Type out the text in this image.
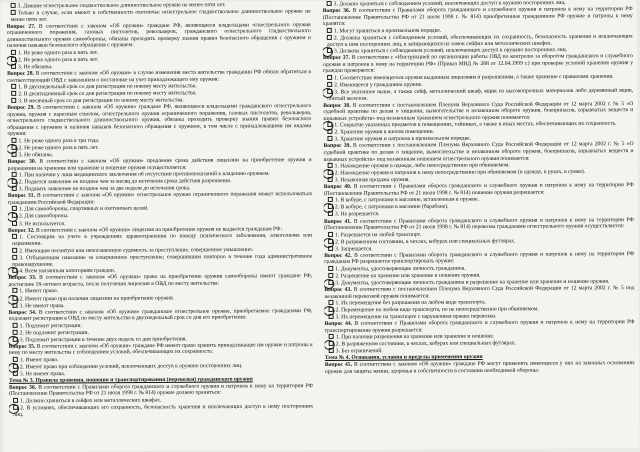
3. Давшие огнестрельное гладкоствольное длинноствольное оружие не менее пяти лет.

Только в случае, если имеют в собственности охотничье огнестрельное гладкоствольное длинноствольное оружие не менее пяти лет.

Вопрос 27. В соответствии с законом «Об оружии» граждане РФ, являющиеся владельцами огнестрельного оружия ограниченного поражения, газовых пистолетов, револьверов, гражданского огнестрельного гладкоствольного длинноствольного оружия самообороны, обязаны проходить проверку знания правил безопасного обращения с оружием и наличия навыков безопасного обращения с оружием:

1. Не реже одного раза в пять лет.

2. Не реже одного раза в пять лет.

3. Не обязаны.

Вопрос 28. В соответствии с законом «Об оружии» в случае изменения места жительства гражданин РФ обязан обратиться в соответствующий ОВД с заявлением о постановке на учет принадлежащего ему оружия:

1. В двухнедельный срок со дня регистрации по новому месту жительства.

2. В десятидневный срок со дня регистрации по новому месту жительства.

3. В месячный срок со дня регистрации по новому месту жительства.

Вопрос 29. В соответствии с законом «Об оружии» граждане РФ, являющиеся владельцами гражданского огнестрельного оружия, оружия с нарезным стволом, огнестрельного оружия ограниченного поражения, газовых пистолетов, револьверов, огнестрельного гладкоствольного длинноствольного оружия, обязаны проходить проверку знания правил безопасного обращения с оружием и наличия навыков безопасного обращения с оружием, в том числе с принадлежащими им видами оружия:

1. Не реже одного раза в три года.

2. Не реже одного раза в пять лет.

3. Не обязаны.

Вопрос 30. В соответствии с законом «Об оружии» продление срока действия лицензии на приобретение оружия и разрешения на хранение или хранение и ношение оружия осуществляется:

1. При наличии у лица медицинского заключения об отсутствии противопоказаний к владению оружием.

2. Подается заявление не позднее чем за месяц до истечения срока действия разрешения.

3. Подавать заявление не позднее чем за две недели до истечения срока.

Вопрос 31. В соответствии с законом «Об оружии» огнестрельное оружие ограниченного поражения может использоваться гражданами Российской Федерации:

1. Для самообороны, спортивных и охотничьих целей.

2. Для самообороны.

3. Не используется.

Вопрос 32. В соответствии с законом «Об оружии» лицензия на приобретение оружия не выдается гражданам РФ:

1. Состоящим на учете в учреждениях здравоохранения по поводу психического заболевания, алкоголизма или наркомании.

2. Имеющим неснятую или непогашенную судимость за преступление, совершенное умышленно.

3. Отбывающим наказание за совершенное преступление; совершившим повторно в течение года административное правонарушение.

4. Всем указанным категориям граждан.

Вопрос 33. В соответствии с законом «Об оружии» право на приобретение оружия самообороны имеют граждане РФ, достигшие 18-летнего возраста, после получения лицензии в ОВД по месту жительства:

1. Имеют право.

2. Имеют право при наличии лицензии на приобретение оружия.

3. Не имеют права.

Вопрос 34. В соответствии с законом «Об оружии» гражданское огнестрельное оружие, приобретаемое гражданами РФ, подлежит регистрации в ОВД по месту жительства в двухнедельный срок со дня его приобретения:

1. Подлежит регистрации.

2. Не подлежит регистрации.

3. Подлежит регистрации в течение двух недель со дня приобретения.

Вопрос 35. В соответствии с законом «Об оружии» граждане РФ имеют право хранить принадлежащее им оружие и патроны к нему по месту жительства с соблюдением условий, обеспечивающих их сохранность:

1. Имеют право.

2. Имеют право при соблюдении условий, исключающих доступ к оружию посторонних лиц.

3. Не имеют права.

Тема № 3. Правила хранения, ношения и транспортирования (перевозки) гражданского оружия

Вопрос 36. В соответствии с Правилами оборота гражданского и служебного оружия и патронов к нему на территории РФ (Постановление Правительства РФ от 21 июля 1998 г. № 814) оружие должно храниться:

1. Должно храниться в сейфах или металлических шкафах.

2. В условиях, обеспечивающих его сохранность, безопасность хранения и исключающих доступ к нему посторонних лиц.

3. Должно храниться с соблюдением условий, исключающих доступ к оружию посторонних лиц.

Вопрос 36. В соответствии с Правилами оборота гражданского и служебного оружия и патронов к нему на территории РФ (Постановление Правительства РФ от 21 июля 1998 г. № 814) приобретенные гражданином РФ оружие и патроны к нему хранятся:

1. Могут храниться в произвольном порядке.

2. Должны храниться с соблюдением условий, обеспечивающих их сохранность, безопасность хранения и исключающих доступ к ним посторонних лиц, в запирающихся на замок сейфах или металлических шкафах.

3. Должны храниться с соблюдением условий, исключающих доступ к оружию посторонних лиц.

Вопрос 37. В соответствии с «Инструкцией по организации работы ОВД по контролю за оборотом гражданского и служебного оружия и патронов к нему на территории РФ» (Приказ МВД № 288 от 12.04.1999 г.) при проверке условий хранения оружия у граждан проверяется:

1. Соответствие имеющегося оружия выданным лицензиям и разрешениям, а также хранение с правилами хранения.

2. Имеющееся у гражданина оружие.

3. Все указанное выше, а также сейф, металлический шкаф, ящик из высокопрочных материалов либо деревянный ящик, обитый железом.

Вопрос 38. В соответствии с постановлением Пленума Верховного Суда Российской Федерации от 12 марта 2002 г. № 5 «О судебной практике по делам о хищении, вымогательстве и незаконном обороте оружия, боеприпасов, взрывчатых веществ и взрывных устройств» под незаконным хранением огнестрельного оружия понимается:

1. Сокрытие указанных предметов в помещениях, тайниках, а также в иных местах, обеспечивающих их сохранность.

2. Хранение оружия в жилом помещении.

3. Хранение оружия и патронов в произвольном порядке.

Вопрос 39. В соответствии с постановлением Пленума Верховного Суда Российской Федерации от 12 марта 2002 г. № 5 «О судебной практике по делам о хищении, вымогательстве и незаконном обороте оружия, боеприпасов, взрывчатых веществ и взрывных устройств» под незаконным ношением огнестрельного оружия понимается:

1. Нахождение оружия в одежде, либо непосредственно при обвиняемом.

2. Нахождение оружия и патронов к нему непосредственно при обвиняемом (в одежде, в руках, в сумке).

3. Незаконная продажа оружия.

Вопрос 40. В соответствии с Правилами оборота гражданского и служебного оружия и патронов к нему на территории РФ (Постановление Правительства РФ от 21 июля 1998 г. № 814) ношение оружия разрешается:

1. В кобуре, с патронами в магазине, вставленным в оружие.

2. В кобуре, с патронами в магазине (барабане).

3. Не разрешается.

Вопрос 41. В соответствии с Правилами оборота гражданского и служебного оружия и патронов к нему на территории РФ (Постановление Правительства РФ от 21 июля 1998 г. № 814) перевозка гражданами огнестрельного оружия осуществляется:

1. Разрешается на любой транспорт.

2. В разряженном состоянии, в чехлах, кобурах или специальных футлярах.

3. Запрещается.

Вопрос 42. В соответствии с Правилами оборота гражданского и служебного оружия и патронов к нему на территории РФ гражданам РФ разрешается транспортировать оружие:

1. Документы, удостоверяющие личность гражданина.

2. Разрешение на хранение или хранение и ношение оружия.

3. Документы, удостоверяющие личность гражданина и разрешение на хранение или хранение и ношение оружия.

Вопрос 43. В соответствии с постановлением Пленума Верховного Суда Российской Федерации от 12 марта 2002 г. № 5 под незаконной перевозкой оружия понимается:

1. Их перемещение без разрешения на любом виде транспорта.

2. Перемещение на любом виде транспорта, но не непосредственно при обвиняемом.

3. Их перемещение на транспорте с нарушением правил перевозки.

Вопрос 44. В соответствии с Правилами оборота гражданского и служебного оружия и патронов к нему на территории РФ транспортирование оружия разрешается:

1. При наличии разрешения на хранение или хранение и ношение.

2. В разряженном состоянии, в чехлах, кобурах или специальных футлярах.

3. Без ограничений.

Тема № 4. Основания, условия и пределы применения оружия

Вопрос 45. В соответствии с законом «Об оружии» граждане РФ могут применять имеющееся у них на законных основаниях оружие для защиты жизни, здоровья и собственности в состоянии необходимой обороны:
